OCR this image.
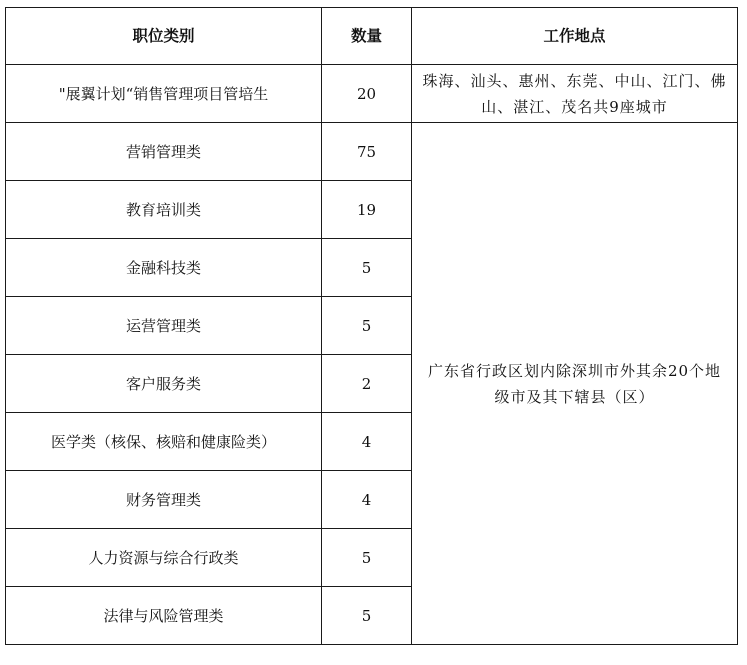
职位类别	数量	工作地点
"展翼计划“销售管理项目管培生	20	珠海、汕头、惠州、东莞、中山、江门、佛山、湛江、茂名共9座城市
营销管理类	75	广东省行政区划内除深圳市外其余20个地级市及其下辖县（区）
教育培训类	19	
金融科技类	5	
运营管理类	5	
客户服务类	2	
医学类（核保、核赔和健康险类）	4	
财务管理类	4	
人力资源与综合行政类	5	
法律与风险管理类	5	
